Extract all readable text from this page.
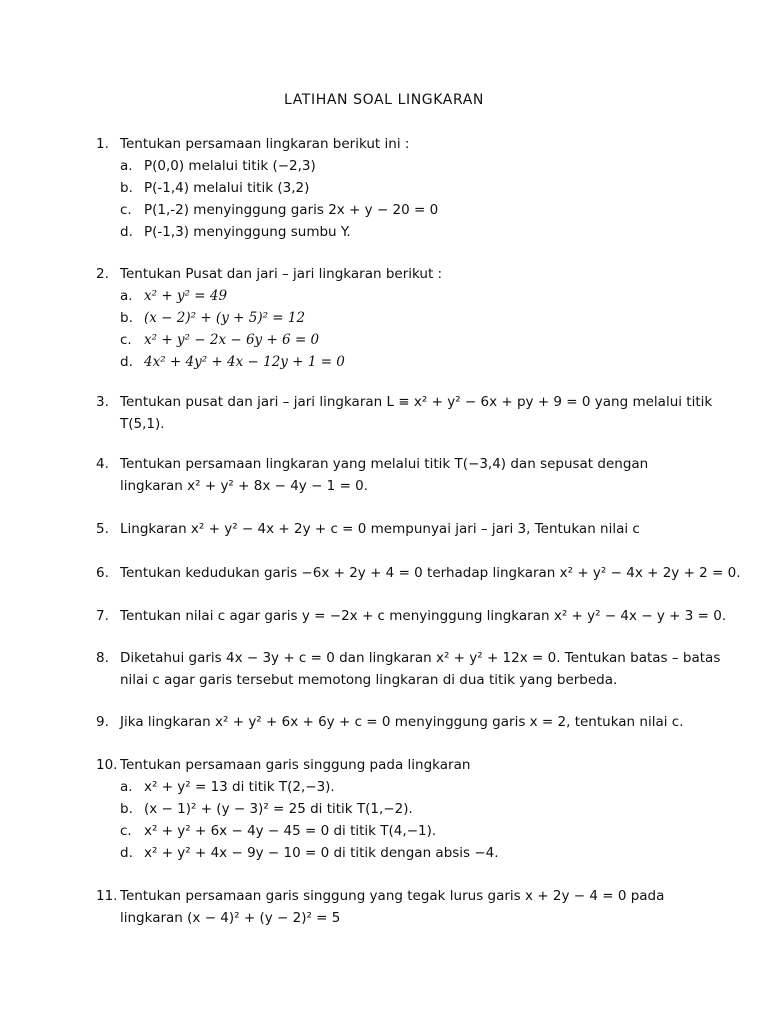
LATIHAN SOAL LINGKARAN
1. Tentukan persamaan lingkaran berikut ini :
a. P(0,0) melalui titik (−2,3)
b. P(-1,4) melalui titik (3,2)
c. P(1,-2) menyinggung garis 2x + y − 20 = 0
d. P(-1,3) menyinggung sumbu Y.
2. Tentukan Pusat dan jari – jari lingkaran berikut :
a. x² + y² = 49
b. (x − 2)² + (y + 5)² = 12
c. x² + y² − 2x − 6y + 6 = 0
d. 4x² + 4y² + 4x − 12y + 1 = 0
3. Tentukan pusat dan jari – jari lingkaran L ≡ x² + y² − 6x + py + 9 = 0 yang melalui titik
T(5,1).
4. Tentukan persamaan lingkaran yang melalui titik T(−3,4) dan sepusat dengan
lingkaran x² + y² + 8x − 4y − 1 = 0.
5. Lingkaran x² + y² − 4x + 2y + c = 0 mempunyai jari – jari 3, Tentukan nilai c
6. Tentukan kedudukan garis −6x + 2y + 4 = 0 terhadap lingkaran x² + y² − 4x + 2y + 2 = 0.
7. Tentukan nilai c agar garis y = −2x + c menyinggung lingkaran x² + y² − 4x − y + 3 = 0.
8. Diketahui garis 4x − 3y + c = 0 dan lingkaran x² + y² + 12x = 0. Tentukan batas – batas
nilai c agar garis tersebut memotong lingkaran di dua titik yang berbeda.
9. Jika lingkaran x² + y² + 6x + 6y + c = 0 menyinggung garis x = 2, tentukan nilai c.
10. Tentukan persamaan garis singgung pada lingkaran
a. x² + y² = 13 di titik T(2,−3).
b. (x − 1)² + (y − 3)² = 25 di titik T(1,−2).
c. x² + y² + 6x − 4y − 45 = 0 di titik T(4,−1).
d. x² + y² + 4x − 9y − 10 = 0 di titik dengan absis −4.
11. Tentukan persamaan garis singgung yang tegak lurus garis x + 2y − 4 = 0 pada
lingkaran (x − 4)² + (y − 2)² = 5
